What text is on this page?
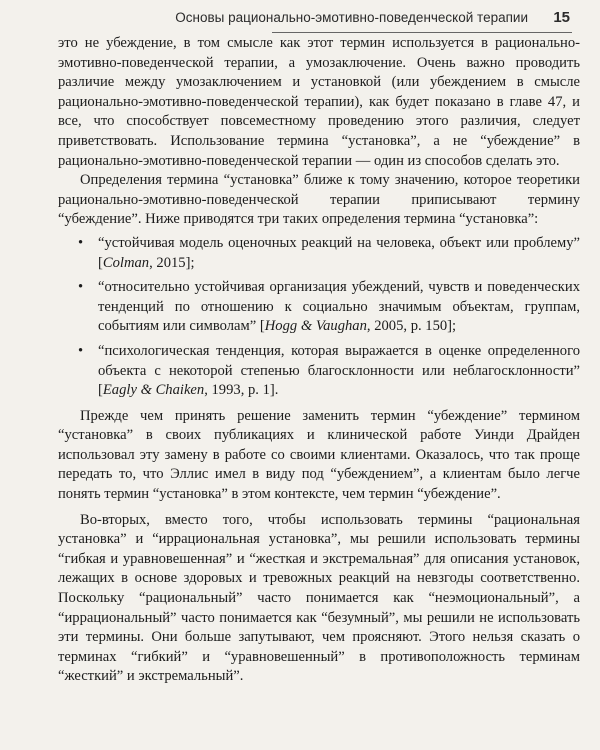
Основы рационально-эмотивно-поведенческой терапии 15

это не убеждение, в том смысле как этот термин используется в рационально-эмотивно-поведенческой терапии, а умозаключение. Очень важно проводить различие между умозаключением и установкой (или убеждением в смысле рационально-эмотивно-поведенческой терапии), как будет показано в главе 47, и все, что способствует повсеместному проведению этого различия, следует приветствовать. Использование термина “установка”, а не “убеждение” в рационально-эмотивно-поведенческой терапии — один из способов сделать это.

Определения термина “установка” ближе к тому значению, которое теоретики рационально-эмотивно-поведенческой терапии приписывают термину “убеждение”. Ниже приводятся три таких определения термина “установка”:

• “устойчивая модель оценочных реакций на человека, объект или проблему” [Colman, 2015];
• “относительно устойчивая организация убеждений, чувств и поведенческих тенденций по отношению к социально значимым объектам, группам, событиям или символам” [Hogg & Vaughan, 2005, p. 150];
• “психологическая тенденция, которая выражается в оценке определенного объекта с некоторой степенью благосклонности или неблагосклонности” [Eagly & Chaiken, 1993, p. 1].

Прежде чем принять решение заменить термин “убеждение” термином “установка” в своих публикациях и клинической работе Уинди Драйден использовал эту замену в работе со своими клиентами. Оказалось, что так проще передать то, что Эллис имел в виду под “убеждением”, а клиентам было легче понять термин “установка” в этом контексте, чем термин “убеждение”.

Во-вторых, вместо того, чтобы использовать термины “рациональная установка” и “иррациональная установка”, мы решили использовать термины “гибкая и уравновешенная” и “жесткая и экстремальная” для описания установок, лежащих в основе здоровых и тревожных реакций на невзгоды соответственно. Поскольку “рациональный” часто понимается как “неэмоциональный”, а “иррациональный” часто понимается как “безумный”, мы решили не использовать эти термины. Они больше запутывают, чем проясняют. Этого нельзя сказать о терминах “гибкий” и “уравновешенный” в противоположность терминам “жесткий” и экстремальный”.
